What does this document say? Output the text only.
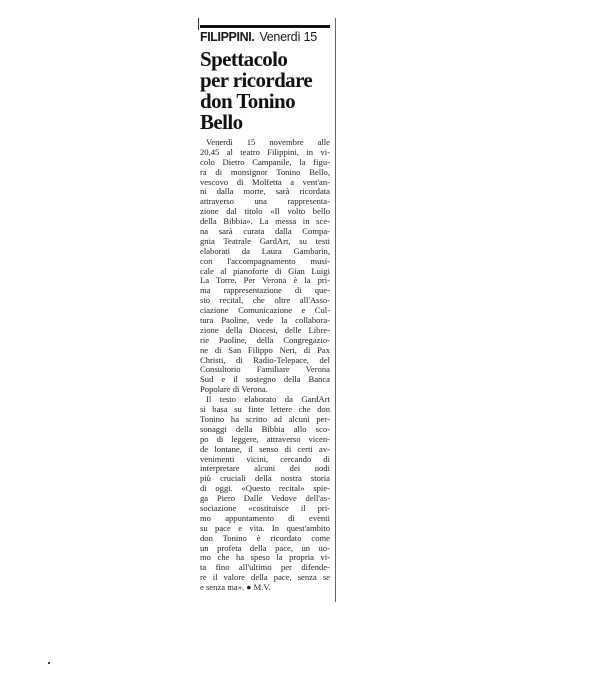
FILIPPINI. Venerdì 15
Spettacolo
per ricordare
don Tonino
Bello
Venerdì 15 novembre alle
20,45 al teatro Filippini, in vi-
colo Dietro Campanile, la figu-
ra di monsignor Tonino Bello,
vescovo di Molfetta a vent'an-
ni dalla morte, sarà ricordata
attraverso una rappresenta-
zione dal titolo «Il volto bello
della Bibbia». La messa in sce-
na sarà curata dalla Compa-
gnia Teatrale GardArt, su testi
elaborati da Laura Gambarin,
con l'accompagnamento musi-
cale al pianoforte di Gian Luigi
La Torre. Per Verona è la pri-
ma rappresentazione di que-
sto recital, che oltre all'Asso-
ciazione Comunicazione e Cul-
tura Paoline, vede la collabora-
zione della Diocesi, delle Libre-
rie Paoline, della Congregazio-
ne di San Filippo Neri, di Pax
Christi, di Radio-Telepace, del
Consultorio Familiare Verona
Sud e il sostegno della Banca
Popolare di Verona.
Il testo elaborato da GardArt
si basa su finte lettere che don
Tonino ha scritto ad alcuni per-
sonaggi della Bibbia allo sco-
po di leggere, attraverso vicen-
de lontane, il senso di certi av-
venimenti vicini, cercando di
interpretare alcuni dei nodi
più cruciali della nostra storia
di oggi. «Questo recital» spie-
ga Piero Dalle Vedove dell'as-
sociazione «costituisce il pri-
mo appuntamento di eventi
su pace e vita. In quest'ambito
don Tonino è ricordato come
un profeta della pace, un uo-
mo che ha speso la propria vi-
ta fino all'ultimo per difende-
re il valore della pace, senza se
e senza ma». ● M.V.
